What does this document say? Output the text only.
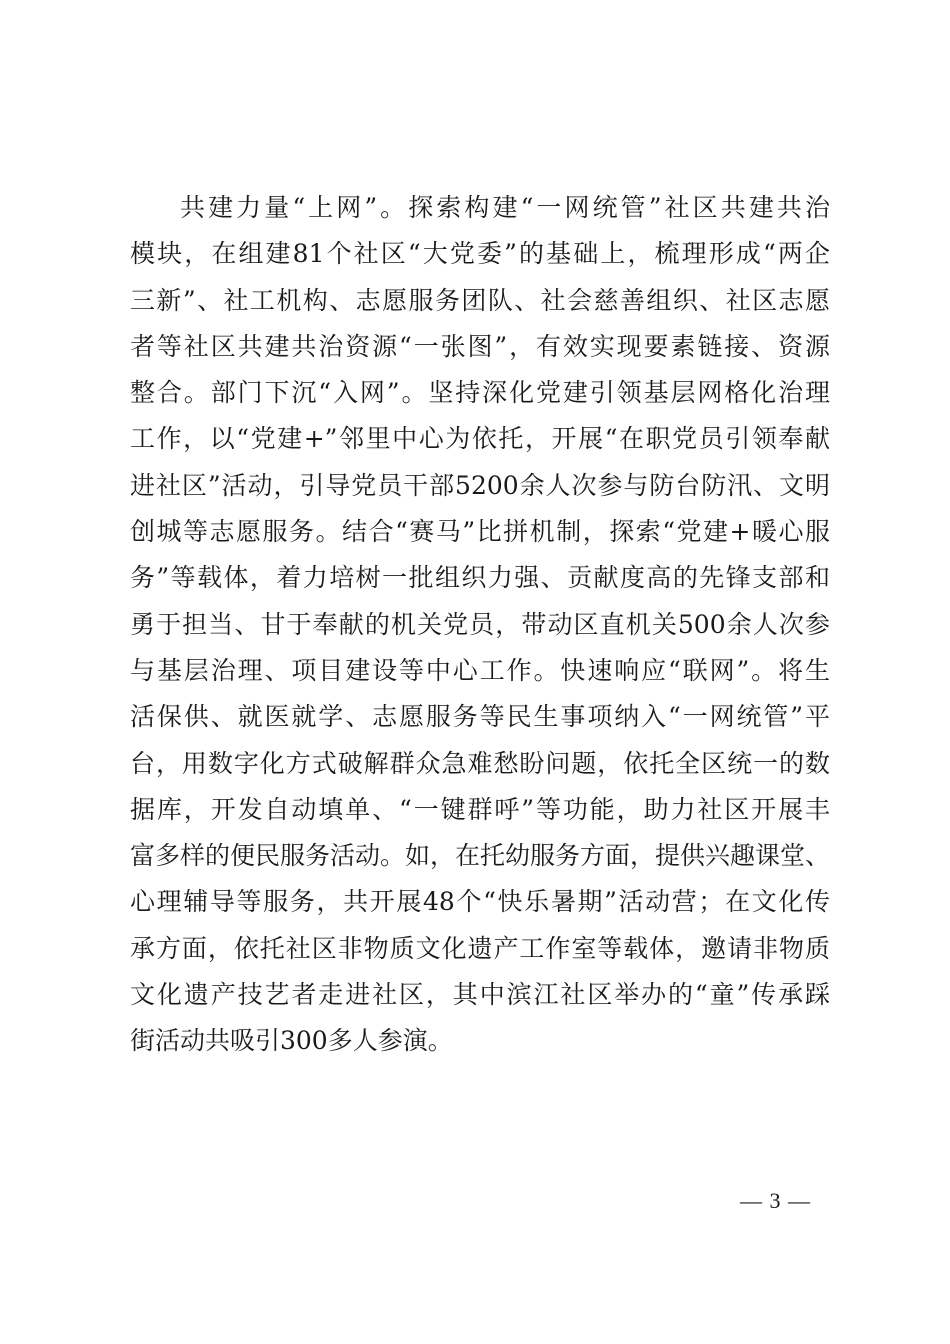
共建力量“上网”。探索构建“一网统管”社区共建共治
模块，在组建81个社区“大党委”的基础上，梳理形成“两企
三新”、社工机构、志愿服务团队、社会慈善组织、社区志愿
者等社区共建共治资源“一张图”，有效实现要素链接、资源
整合。部门下沉“入网”。坚持深化党建引领基层网格化治理
工作，以“党建+”邻里中心为依托，开展“在职党员引领奉献
进社区”活动，引导党员干部5200余人次参与防台防汛、文明
创城等志愿服务。结合“赛马”比拼机制，探索“党建+暖心服
务”等载体，着力培树一批组织力强、贡献度高的先锋支部和
勇于担当、甘于奉献的机关党员，带动区直机关500余人次参
与基层治理、项目建设等中心工作。快速响应“联网”。将生
活保供、就医就学、志愿服务等民生事项纳入“一网统管”平
台，用数字化方式破解群众急难愁盼问题，依托全区统一的数
据库，开发自动填单、“一键群呼”等功能，助力社区开展丰
富多样的便民服务活动。如，在托幼服务方面，提供兴趣课堂、
心理辅导等服务，共开展48个“快乐暑期”活动营；在文化传
承方面，依托社区非物质文化遗产工作室等载体，邀请非物质
文化遗产技艺者走进社区，其中滨江社区举办的“童”传承踩
街活动共吸引300多人参演。
— 3 —
